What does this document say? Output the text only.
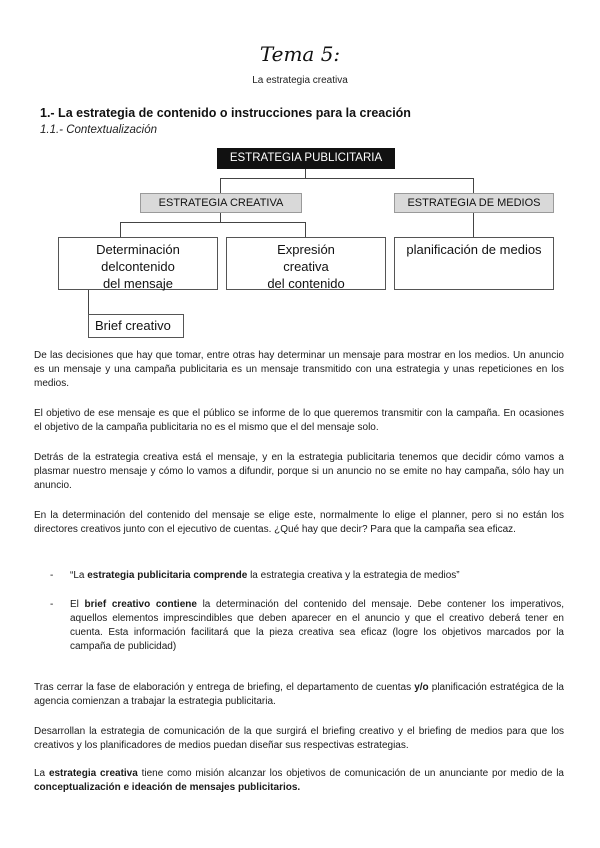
Tema 5:
La estrategia creativa
1.- La estrategia de contenido o instrucciones para la creación
1.1.- Contextualización
ESTRATEGIA PUBLICITARIA
ESTRATEGIA CREATIVA	ESTRATEGIA DE MEDIOS
Determinación
delcontenido
del mensaje
Expresión
creativa
del contenido
planificación de medios
Brief creativo

De las decisiones que hay que tomar, entre otras hay determinar un mensaje para mostrar en los medios. Un anuncio es un mensaje y una campaña publicitaria es un mensaje transmitido con una estrategia y unas repeticiones en los medios.

El objetivo de ese mensaje es que el público se informe de lo que queremos transmitir con la campaña. En ocasiones el objetivo de la campaña publicitaria no es el mismo que el del mensaje solo.

Detrás de la estrategia creativa está el mensaje, y en la estrategia publicitaria tenemos que decidir cómo vamos a plasmar nuestro mensaje y cómo lo vamos a difundir, porque si un anuncio no se emite no hay campaña, sólo hay un anuncio.

En la determinación del contenido del mensaje se elige este, normalmente lo elige el planner, pero si no están los directores creativos junto con el ejecutivo de cuentas. ¿Qué hay que decir? Para que la campaña sea eficaz.

- “La estrategia publicitaria comprende la estrategia creativa y la estrategia de medios”

- El brief creativo contiene la determinación del contenido del mensaje. Debe contener los imperativos, aquellos elementos imprescindibles que deben aparecer en el anuncio y que el creativo deberá tener en cuenta. Esta información facilitará que la pieza creativa sea eficaz (logre los objetivos marcados por la campaña de publicidad)

Tras cerrar la fase de elaboración y entrega de briefing, el departamento de cuentas y/o planificación estratégica de la agencia comienzan a trabajar la estrategia publicitaria.

Desarrollan la estrategia de comunicación de la que surgirá el briefing creativo y el briefing de medios para que los creativos y los planificadores de medios puedan diseñar sus respectivas estrategias.

La estrategia creativa tiene como misión alcanzar los objetivos de comunicación de un anunciante por medio de la conceptualización e ideación de mensajes publicitarios.
